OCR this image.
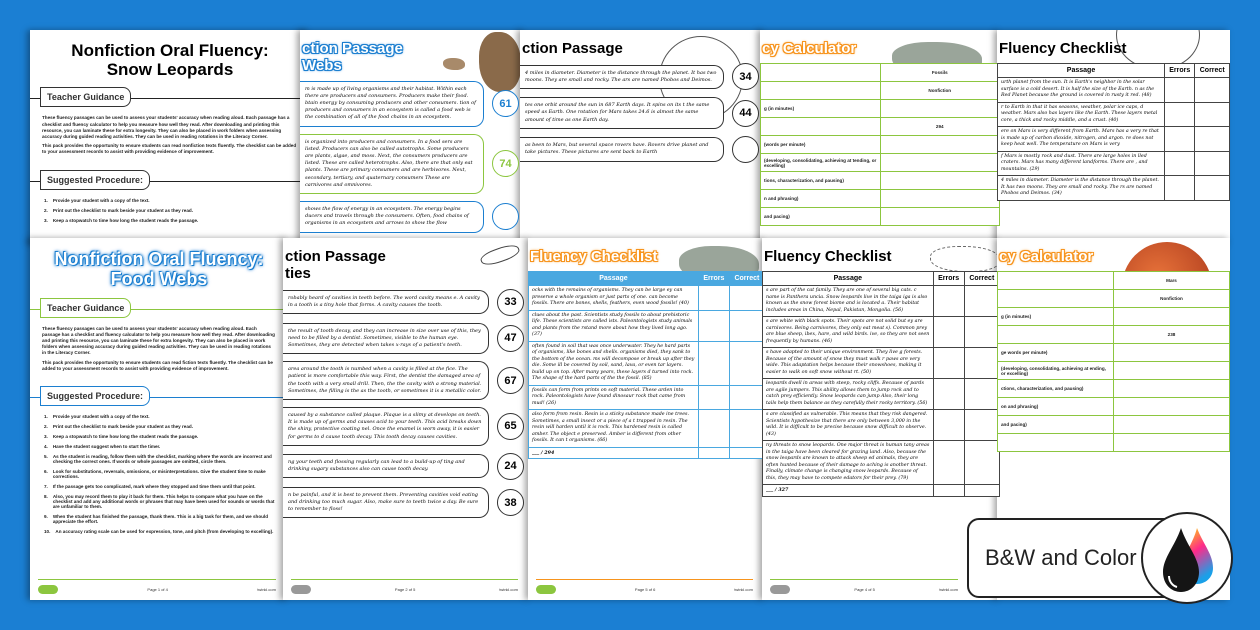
Nonfiction Oral Fluency:
Snow Leopards
Teacher Guidance

These fluency passages can be used to assess your students' accuracy when reading aloud. Each passage has a checklist and fluency calculator to help you measure how well they read. After downloading and printing this resource, you can laminate these for extra longevity. They can also be placed in work folders when assessing accuracy during guided reading activities. They can be used in reading rotations in the Literacy Corner.

This pack provides the opportunity to ensure students can read nonfiction texts fluently. The checklist can be added to your assessment records to assist with providing evidence of improvement.

Suggested Procedure:
1. Provide your student with a copy of the text.
2. Print out the checklist to mark beside your student as they read.
3. Keep a stopwatch to time how long the student reads the passage.
ction Passage
Webs
m is made up of living organisms and their habitat. Within each there are producers and consumers. Producers make their food. btain energy by consuming producers and other consumers. tion of producers and consumers in an ecosystem is called a food web is the combination of all of the food chains in an ecosystem.
61
is organized into producers and consumers. In a food sers are listed. Producers can also be called autotrophs. Some producers are plants, algae, and moss. Next, the consumers producers are listed. These are called heterotrophs. Also, there are that only eat plants. These are primary consumers and are herbivores. Next, secondary, tertiary, and quaternary consumers These are carnivores and omnivores.
74
shows the flow of energy in an ecosystem. The energy begins ducers and travels through the consumers. Often, food chains of organisms in an ecosystem and arrows to show the flow
ction Passage
4 miles in diameter. Diameter is the distance through the planet. It has two moons. They are small and rocky. The ars are named Phobos and Deimos.	34
tes one orbit around the sun in 687 Earth days. It spins on its t the same speed as Earth. One rotation for Mars takes 24.6 is almost the same amount of time as one Earth day.
44
as been to Mars, but several space rovers have. Rovers drive planet and take pictures. These pictures are sent back to Earth
cy Calculator
	Fossils
	Nonfiction
g (in minutes)	
	294
(words per minute)	
(developing, consolidating, achieving at tending, or excelling)	
tions, characterization, and pausing)	
n and phrasing)	
and pacing)	
Fluency Checklist
Passage	Errors	Correct
urth planet from the sun. It is Earth's neighbor in the solar surface is a cold desert. It is half the size of the Earth. n as the Red Planet because the ground is covered in rusty it red. (48)		
r to Earth in that it has seasons, weather, polar ice caps, d weather. Mars also has layers like the Earth. These layers metal core, a thick and rocky middle, and a crust. (40)		
ere on Mars is very different from Earth. Mars has a very re that is made up of carbon dioxide, nitrogen, and argon. re does not keep heat well. The temperature on Mars is very		
f Mars is mostly rock and dust. There are large holes in lled craters. Mars has many different landforms. There are , and mountains. (29)		
4 miles in diameter. Diameter is the distance through the planet. It has two moons. They are small and rocky. The rs are named Phobos and Deimos. (34)		
Nonfiction Oral Fluency:
Food Webs
Teacher Guidance

These fluency passages can be used to assess your students' accuracy when reading aloud. Each passage has a checklist and fluency calculator to help you measure how well they read. After downloading and printing this resource, you can laminate these for extra longevity. They can also be placed in work folders when assessing accuracy during guided reading activities. They can be used in reading rotations in the Literacy Corner.

This pack provides the opportunity to ensure students can read fiction texts fluently. The checklist can be added to your assessment records to assist with providing evidence of improvement.

Suggested Procedure:
1. Provide your student with a copy of the text.
2. Print out the checklist to mark beside your student as they read.
3. Keep a stopwatch to time how long the student reads the passage.
4. Have the student suggest when to start the timer.
5. As the student is reading, follow them with the checklist, marking where the words are incorrect and checking the correct ones. If words or whole passages are omitted, circle them.
6. Look for substitutions, reversals, omissions, or misinterpretations. Give the student time to make corrections.
7. If the passage gets too complicated, mark where they stopped and time them until that point.
8. Also, you may record them to play it back for them. This helps to compare what you have on the checklist and add any additional words or phrases that may have been used for sounds or words that are unfamiliar to them.
9. When the student has finished the passage, thank them. This is a big task for them, and we should appreciate the effort.
10. An accuracy rating scale can be used for expression, tone, and pitch (from developing to excelling).
Page 1 of 4	twinkl.com
ction Passage
ties
robably heard of cavities in teeth before. The word cavity means e. A cavity in a tooth is a tiny hole that forms. A cavity causes the tooth.	33
the result of tooth decay, and they can increase in size over use of this, they need to be filled by a dentist. Sometimes, visible to the human eye. Sometimes, they are detected when takes x-rays of a patient's teeth.
47
area around the tooth is numbed when a cavity is filled at the fice. The patient is more comfortable this way. First, the dentist the damaged area of the tooth with a very small drill. Then, the the cavity with a strong material. Sometimes, the filling is the as the tooth, or sometimes it is a metallic color.
67
caused by a substance called plaque. Plaque is a slimy at develops on teeth. It is made up of germs and causes acid to your teeth. This acid breaks down the shiny, protective coating nel. Once the enamel is worn away, it is easier for germs to d cause tooth decay. This tooth decay causes cavities.
65
ng your teeth and flossing regularly can lead to a build-up of ting and drinking sugary substances also can cause tooth decay.	24
n be painful, and it is best to prevent them. Preventing cavities void eating and drinking too much sugar. Also, make sure to teeth twice a day. Be sure to remember to floss!
38
Page 2 of 5	twinkl.com
Fluency Checklist
Passage	Errors	Correct
ocks with the remains of organisms. They can be large ey can preserve a whole organism or just parts of one. can become fossils. There are bones, shells, feathers, even wood fossils! (40)		
clues about the past. Scientists study fossils to about prehistoric life. These scientists are called ists. Paleontologists study animals and plants from the rstand more about how they lived long ago. (37)		
often found in soil that was once underwater. They he hard parts of organisms, like bones and shells. organisms died, they sank to the bottom of the ocean. ms will decompose or break up after they die. Some ill be covered by soil, sand, lava, or even tar layers. build up on top. After many years, these layers d turned into rock. The shape of the hard parts of the the fossil. (85)		
fossils can form from prints on soft material. These arden into rock. Paleontologists have found dinosaur rock that came from mud! (26)		
also form from resin. Resin is a sticky substance made ine trees. Sometimes, a small insect or a piece of a t trapped in resin. The resin will harden until it is rock. This hardened resin is called amber. The object e preserved. Amber is different from other fossils. It can t organisms. (66)		
___ / 294		
Page 5 of 6	twinkl.com
Fluency Checklist
Passage	Errors	Correct
s are part of the cat family. They are one of several big cats. c name is Panthera uncia. Snow leopards live in the taiga iga is also known as the snow forest biome and is located a. Their habitat includes areas in China, Nepal, Pakistan, Mongolia. (56)		
s are white with black spots. Their spots are not solid but ey are carnivores. Being carnivores, they only eat meat s). Common prey are blue sheep, ibex, hare, and wild birds. ive, so they are not seen frequently by humans. (46)		
s have adapted to their unique environment. They live g forests. Because of the amount of snow they must walk r paws are very wide. This adaptation helps because their snowshoes, making it easier to walk on soft snow without rt. (50)		
leopards dwell in areas with steep, rocky cliffs. Because of pards are agile jumpers. This ability allows them to jump rock and to catch prey efficiently. Snow leopards can jump Also, their long tails help them balance as they carefully their rocky territory. (56)		
s are classified as vulnerable. This means that they risk dangered. Scientists hypothesize that there are only between 3,000 in the wild. It is difficult to be precise because snow difficult to observe. (43)		
ny threats to snow leopards. One major threat is human tany areas in the taiga have been cleared for grazing land. Also, because the snow leopards are known to attack sheep ed animals, they are often hunted because of their damage to aching is another threat. Finally, climate change is changing snow leopards. Because of this, they may have to compete edators for their prey. (79)		
___ / 327		
Page 4 of 5	twinkl.com
cy Calculator
	Mars
	Nonfiction
g (in minutes)	
	238
ge words per minute)	
(developing, consolidating, achieving at ending, or excelling)	
ctions, characterization, and pausing)	
on and phrasing)	
and pacing)	

B&W and Color
